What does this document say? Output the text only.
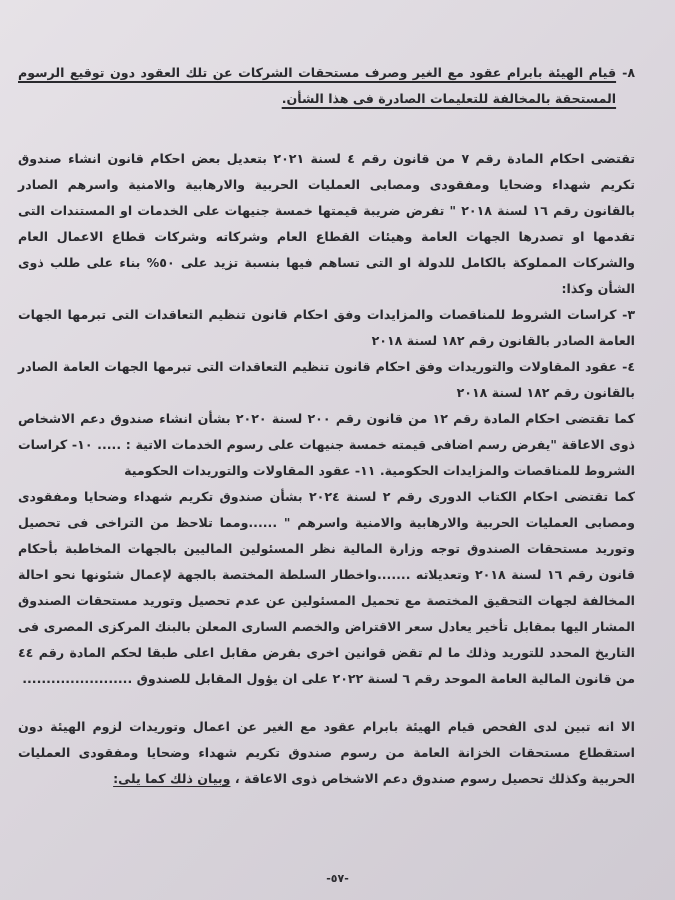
٨-
قيام الهيئة بابرام عقود مع الغير وصرف مستحقات الشركات عن تلك العقود دون توقيع الرسوم المستحقة بالمخالفة للتعليمات الصادرة فى هذا الشأن.

تقتضى احكام المادة رقم ٧ من قانون رقم ٤ لسنة ٢٠٢١ بتعديل بعض احكام قانون انشاء صندوق تكريم شهداء وضحايا ومفقودى ومصابى العمليات الحربية والارهابية والامنية واسرهم الصادر بالقانون رقم ١٦ لسنة ٢٠١٨ " تفرض ضريبة قيمتها خمسة جنيهات على الخدمات او المستندات التى تقدمها او تصدرها الجهات العامة وهيئات القطاع العام وشركاته وشركات قطاع الاعمال العام والشركات المملوكة بالكامل للدولة او التى تساهم فيها بنسبة تزيد على ٥٠% بناء على طلب ذوى الشأن وكذا:

٣- كراسات الشروط للمناقصات والمزايدات وفق احكام قانون تنظيم التعاقدات التى تبرمها الجهات العامة الصادر بالقانون رقم ١٨٢ لسنة ٢٠١٨

٤- عقود المقاولات والتوريدات وفق احكام قانون تنظيم التعاقدات التى تبرمها الجهات العامة الصادر بالقانون رقم ١٨٢ لسنة ٢٠١٨

كما تقتضى احكام المادة رقم ١٢ من قانون رقم ٢٠٠ لسنة ٢٠٢٠ بشأن انشاء صندوق دعم الاشخاص ذوى الاعاقة "يفرض رسم اضافى قيمته خمسة جنيهات على رسوم الخدمات الاتية : ..... ١٠- كراسات الشروط للمناقصات والمزايدات الحكومية. ١١- عقود المقاولات والتوريدات الحكومية

كما تقتضى احكام الكتاب الدورى رقم ٢ لسنة ٢٠٢٤ بشأن صندوق تكريم شهداء وضحايا ومفقودى ومصابى العمليات الحربية والارهابية والامنية واسرهم " ......ومما تلاحظ من التراخى فى تحصيل وتوريد مستحقات الصندوق توجه وزارة المالية نظر المسئولين الماليين بالجهات المخاطبة بأحكام قانون رقم ١٦ لسنة ٢٠١٨ وتعديلاته .......واخطار السلطة المختصة بالجهة لإعمال شئونها نحو احالة المخالفة لجهات التحقيق المختصة مع تحميل المسئولين عن عدم تحصيل وتوريد مستحقات الصندوق المشار اليها بمقابل تأخير يعادل سعر الاقتراض والخصم السارى المعلن بالبنك المركزى المصرى فى التاريخ المحدد للتوريد وذلك ما لم تقض قوانين اخرى بفرض مقابل اعلى طبقا لحكم المادة رقم ٤٤ من قانون المالية العامة الموحد رقم ٦ لسنة ٢٠٢٢ على ان يؤول المقابل للصندوق .......................

الا انه تبين لدى الفحص قيام الهيئة بابرام عقود مع الغير عن اعمال وتوريدات لزوم الهيئة دون استقطاع مستحقات الخزانة العامة من رسوم صندوق تكريم شهداء وضحايا ومفقودى العمليات الحربية وكذلك تحصيل رسوم صندوق دعم الاشخاص ذوى الاعاقة ، وبيان ذلك كما يلى:

-٥٧-
